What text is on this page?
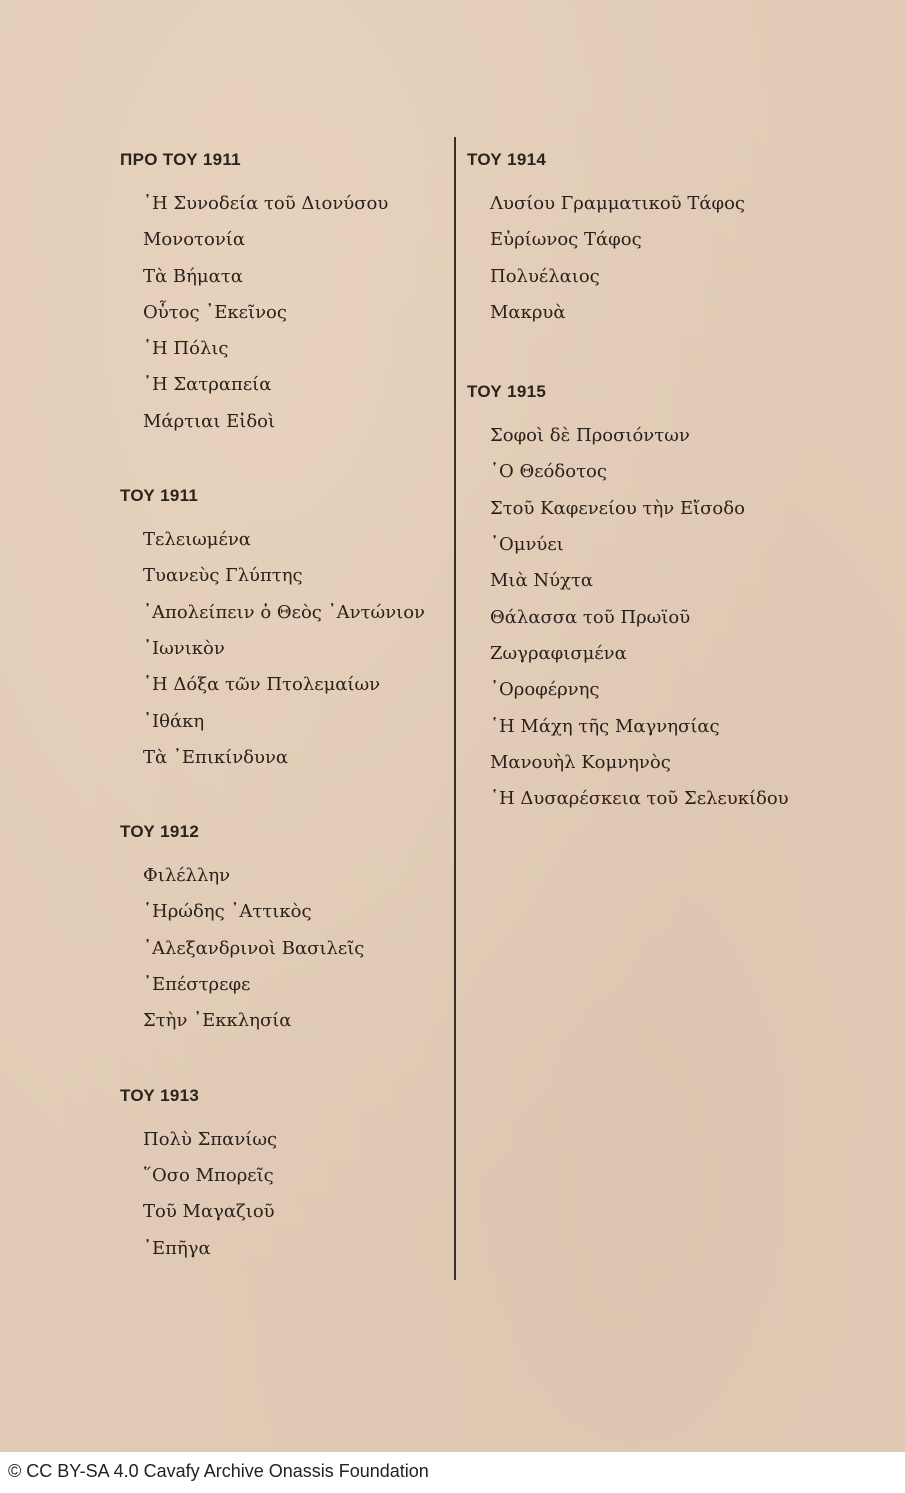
ΠΡΟ ΤΟΥ 1911
῾Η Συνοδεία τοῦ Διονύσου
Μονοτονία
Τὰ Βήματα
Οὗτος ᾿Εκεῖνος
῾Η Πόλις
῾Η Σατραπεία
Μάρτιαι Εἰδοὶ
ΤΟΥ 1911
Τελειωμένα
Τυανεὺς Γλύπτης
᾿Απολείπειν ὁ Θεὸς ᾿Αντώνιον
᾿Ιωνικὸν
῾Η Δόξα τῶν Πτολεμαίων
᾿Ιθάκη
Τὰ ᾿Επικίνδυνα
ΤΟΥ 1912
Φιλέλλην
῾Ηρώδης ᾿Αττικὸς
᾿Αλεξανδρινοὶ Βασιλεῖς
᾿Επέστρεφε
Στὴν ᾿Εκκλησία
ΤΟΥ 1913
Πολὺ Σπανίως
῞Οσο Μπορεῖς
Τοῦ Μαγαζιοῦ
᾿Επῆγα
ΤΟΥ 1914
Λυσίου Γραμματικοῦ Τάφος
Εὐρίωνος Τάφος
Πολυέλαιος
Μακρυὰ
ΤΟΥ 1915
Σοφοὶ δὲ Προσιόντων
῾Ο Θεόδοτος
Στοῦ Καφενείου τὴν Εἴσοδο
᾿Ομνύει
Μιὰ Νύχτα
Θάλασσα τοῦ Πρωϊοῦ
Ζωγραφισμένα
᾿Οροφέρνης
῾Η Μάχη τῆς Μαγνησίας
Μανουὴλ Κομνηνὸς
῾Η Δυσαρέσκεια τοῦ Σελευκίδου
© CC BY-SA 4.0 Cavafy Archive Onassis Foundation
